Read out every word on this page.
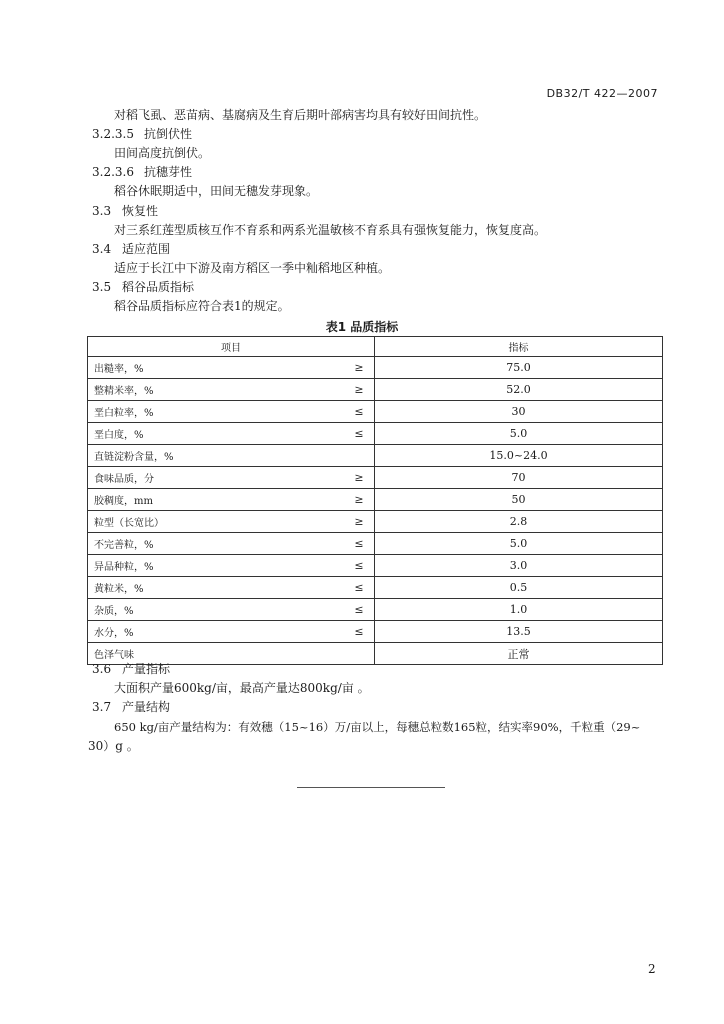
DB32/T 422—2007
对稻飞虱、恶苗病、基腐病及生育后期叶部病害均具有较好田间抗性。
3.2.3.5 抗倒伏性
田间高度抗倒伏。
3.2.3.6 抗穗芽性
稻谷休眠期适中，田间无穗发芽现象。
3.3 恢复性
对三系红莲型质核互作不育系和两系光温敏核不育系具有强恢复能力，恢复度高。
3.4 适应范围
适应于长江中下游及南方稻区一季中籼稻地区种植。
3.5 稻谷品质指标
稻谷品质指标应符合表1的规定。
表1 品质指标
项目		指标
出糙率，%	≥	75.0
整精米率，%	≥	52.0
垩白粒率，%	≤	30
垩白度，%	≤	5.0
直链淀粉含量，%		15.0~24.0
食味品质，分	≥	70
胶稠度，mm	≥	50
粒型（长宽比）	≥	2.8
不完善粒，%	≤	5.0
异品种粒，%	≤	3.0
黄粒米，%	≤	0.5
杂质，%	≤	1.0
水分，%	≤	13.5
色泽气味		正常
3.6 产量指标
大面积产量600kg/亩，最高产量达800kg/亩 。
3.7 产量结构
650 kg/亩产量结构为：有效穗（15~16）万/亩以上，每穗总粒数165粒，结实率90%，千粒重（29~
30）g 。
2
